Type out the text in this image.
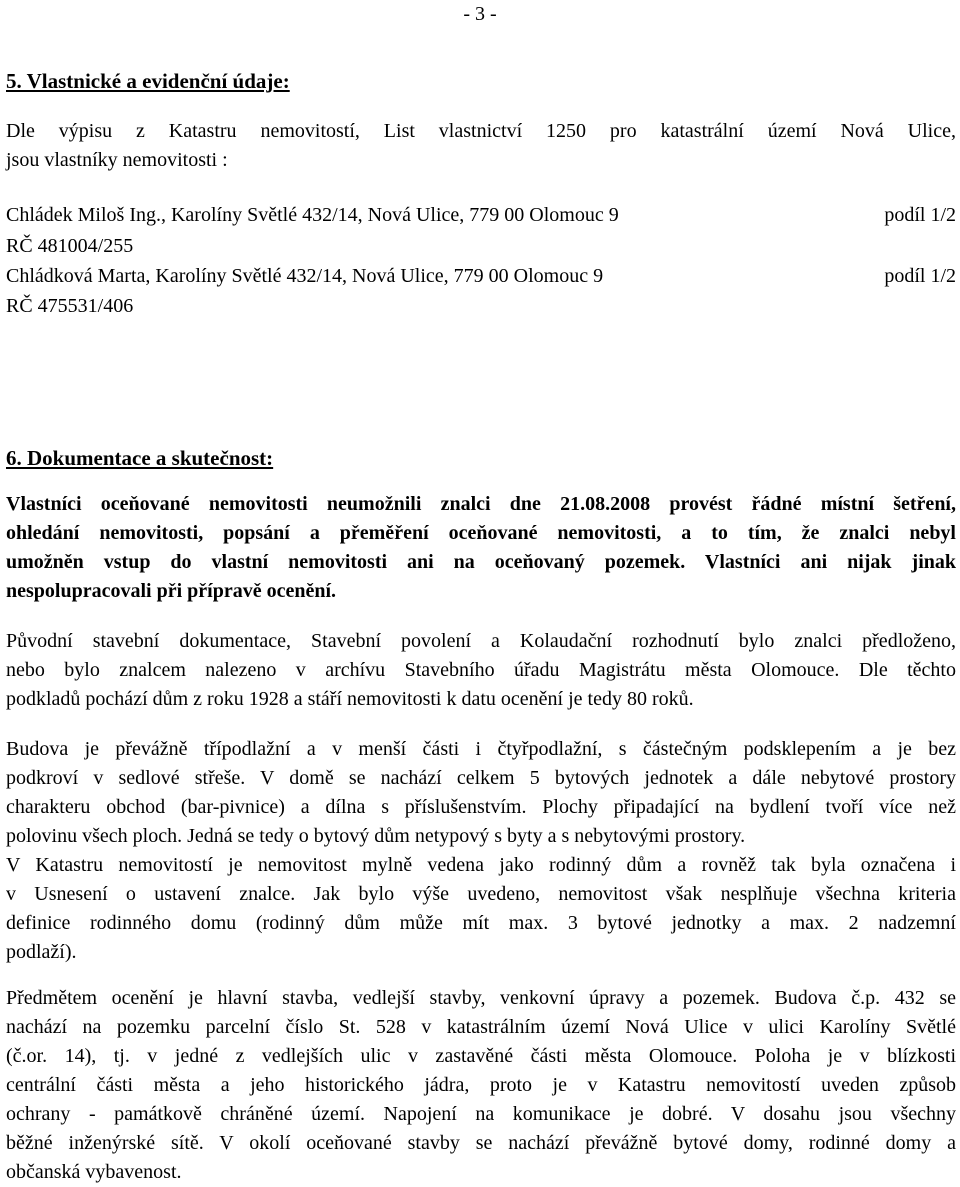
- 3 -
5. Vlastnické a evidenční údaje:
Dle výpisu z Katastru nemovitostí, List vlastnictví 1250 pro katastrální území Nová Ulice,
jsou vlastníky nemovitosti :
Chládek Miloš Ing., Karolíny Světlé 432/14, Nová Ulice, 779 00 Olomouc 9	podíl 1/2
RČ 481004/255
Chládková Marta, Karolíny Světlé 432/14, Nová Ulice, 779 00 Olomouc 9	podíl 1/2
RČ 475531/406
6. Dokumentace a skutečnost:
Vlastníci oceňované nemovitosti neumožnili znalci dne 21.08.2008 provést řádné místní šetření,
ohledání nemovitosti, popsání a přeměření oceňované nemovitosti, a to tím, že znalci nebyl
umožněn vstup do vlastní nemovitosti ani na oceňovaný pozemek. Vlastníci ani nijak jinak
nespolupracovali při přípravě ocenění.
Původní stavební dokumentace, Stavební povolení a Kolaudační rozhodnutí bylo znalci předloženo,
nebo bylo znalcem nalezeno v archívu Stavebního úřadu Magistrátu města Olomouce. Dle těchto
podkladů pochází dům z roku 1928 a stáří nemovitosti k datu ocenění je tedy 80 roků.
Budova je převážně třípodlažní a v menší části i čtyřpodlažní, s částečným podsklepením a je bez
podkroví v sedlové střeše. V domě se nachází celkem 5 bytových jednotek a dále nebytové prostory
charakteru obchod (bar-pivnice) a dílna s příslušenstvím. Plochy připadající na bydlení tvoří více než
polovinu všech ploch. Jedná se tedy o bytový dům netypový s byty a s nebytovými prostory.
V Katastru nemovitostí je nemovitost mylně vedena jako rodinný dům a rovněž tak byla označena i
v Usnesení o ustavení znalce. Jak bylo výše uvedeno, nemovitost však nesplňuje všechna kriteria
definice rodinného domu (rodinný dům může mít max. 3 bytové jednotky a max. 2 nadzemní
podlaží).
Předmětem ocenění je hlavní stavba, vedlejší stavby, venkovní úpravy a pozemek. Budova č.p. 432 se
nachází na pozemku parcelní číslo St. 528 v katastrálním území Nová Ulice v ulici Karolíny Světlé
(č.or. 14), tj. v jedné z vedlejších ulic v zastavěné části města Olomouce. Poloha je v blízkosti
centrální části města a jeho historického jádra, proto je v Katastru nemovitostí uveden způsob
ochrany - památkově chráněné území. Napojení na komunikace je dobré. V dosahu jsou všechny
běžné inženýrské sítě. V okolí oceňované stavby se nachází převážně bytové domy, rodinné domy a
občanská vybavenost.
